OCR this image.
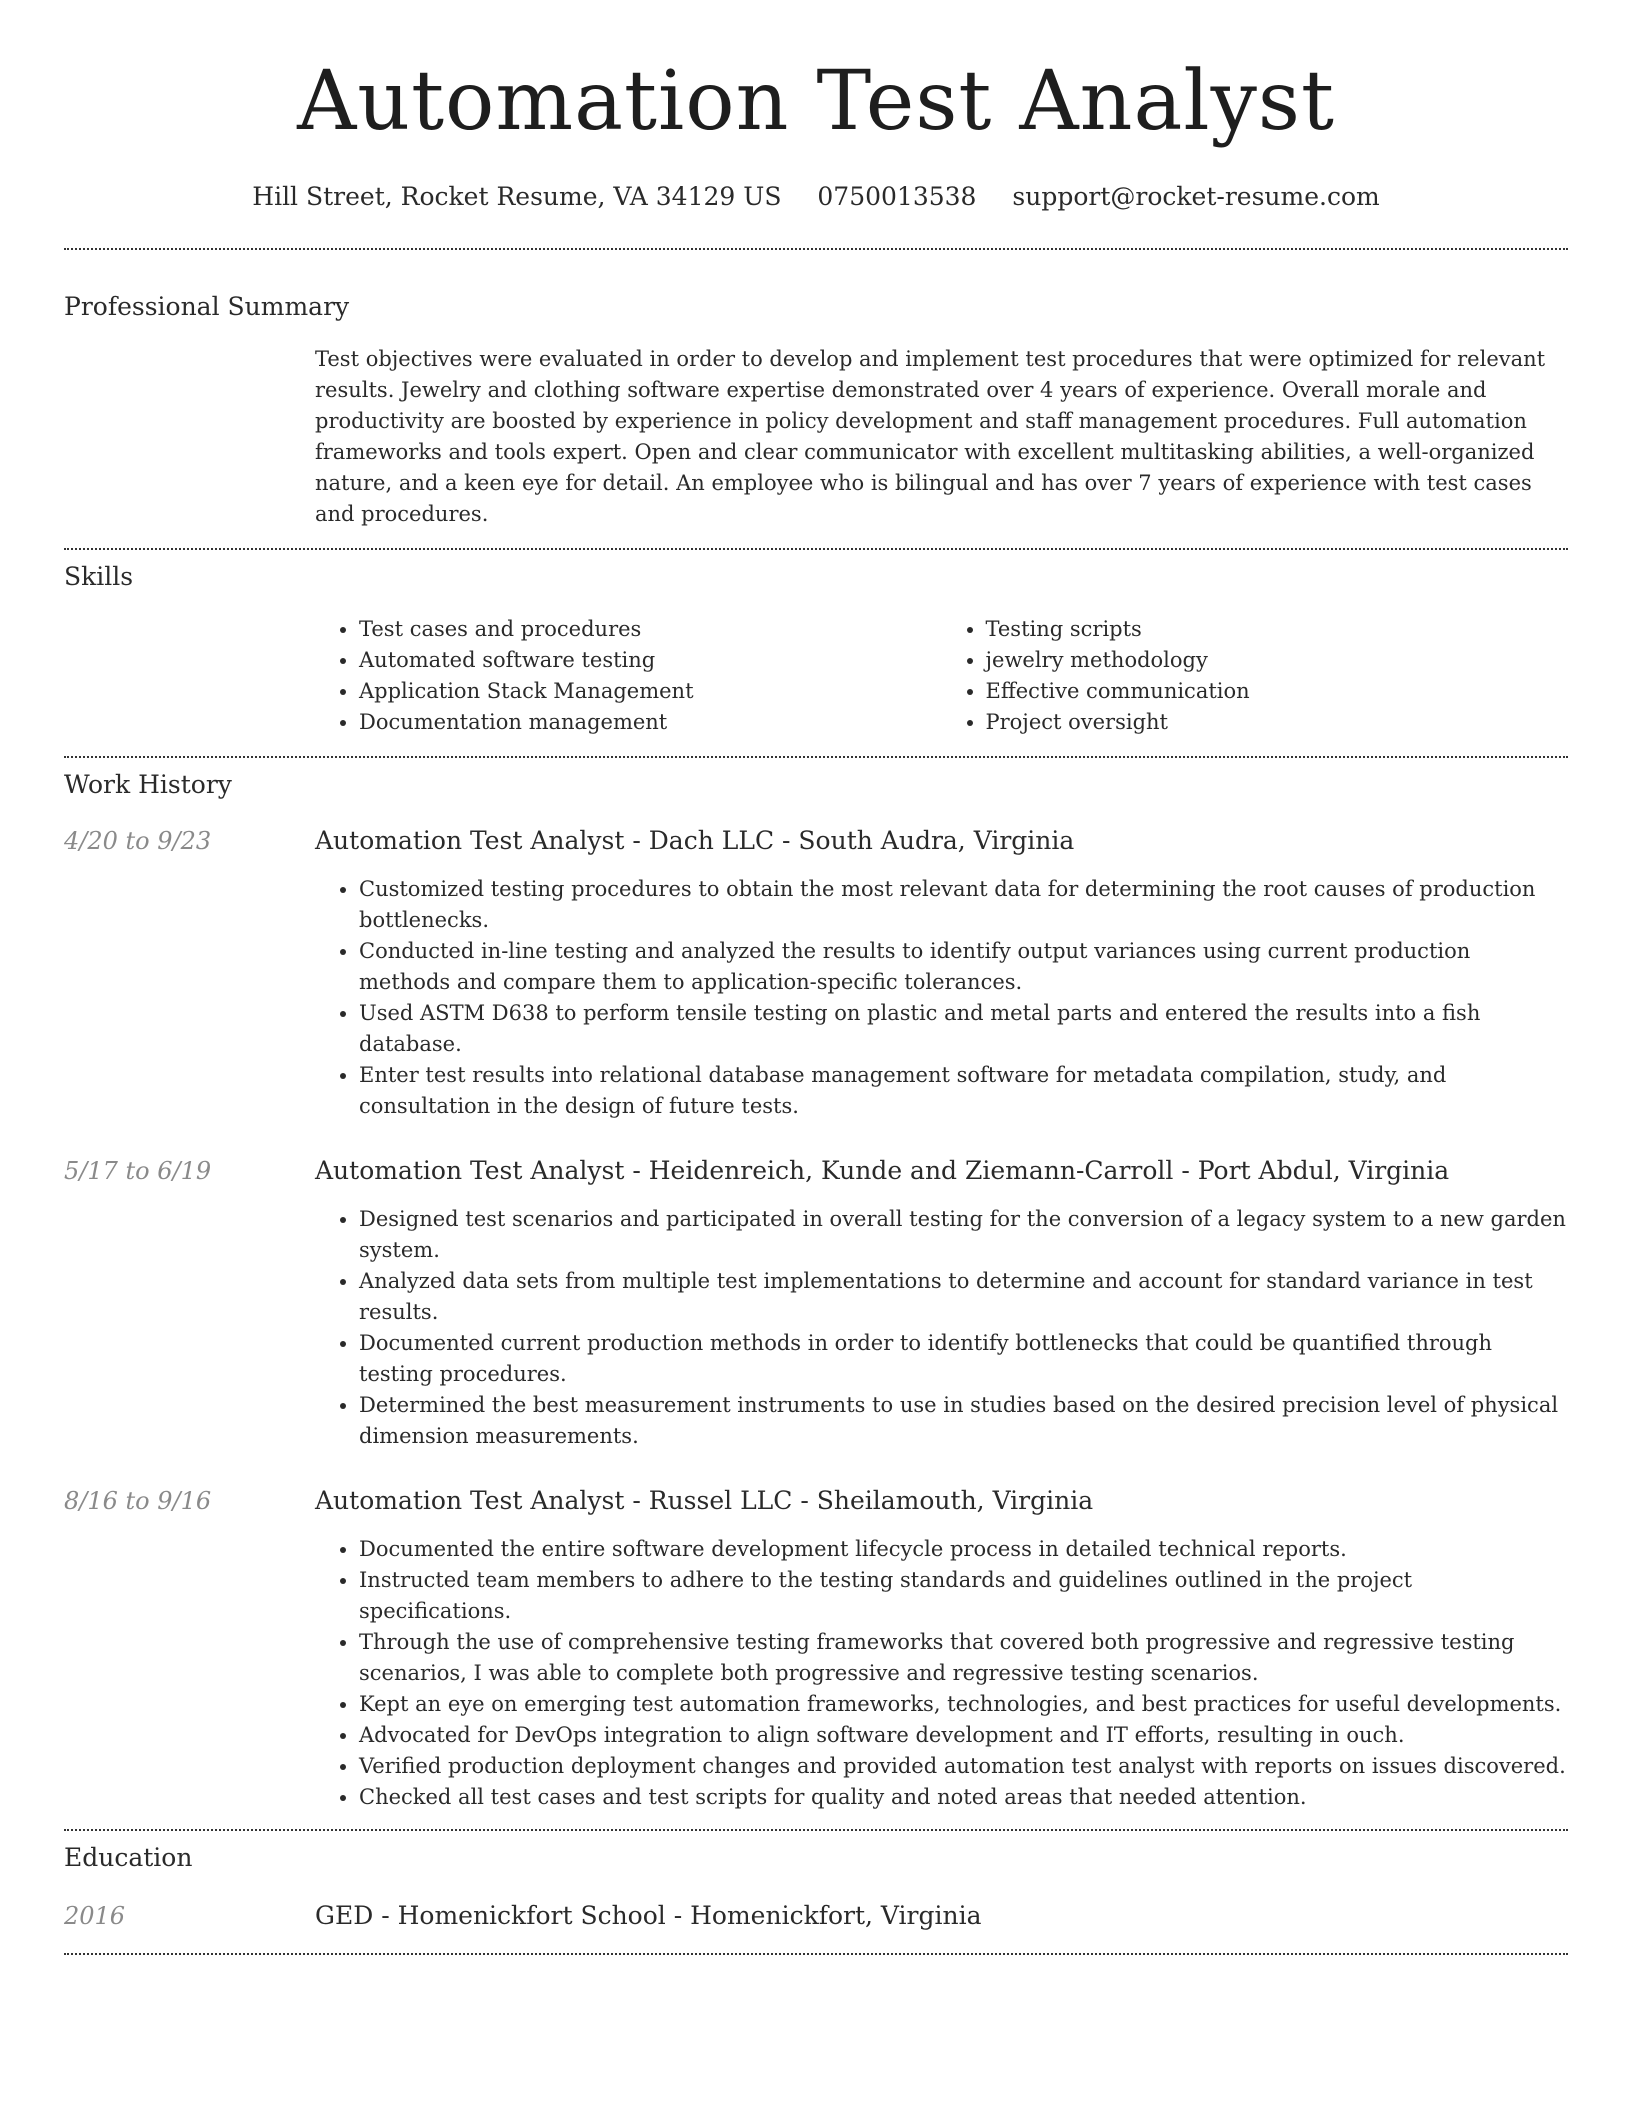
Automation Test Analyst
Hill Street, Rocket Resume, VA 34129 US 0750013538 support@rocket-resume.com
Professional Summary

Test objectives were evaluated in order to develop and implement test procedures that were optimized for relevant results. Jewelry and clothing software expertise demonstrated over 4 years of experience. Overall morale and productivity are boosted by experience in policy development and staff management procedures. Full automation frameworks and tools expert. Open and clear communicator with excellent multitasking abilities, a well-organized nature, and a keen eye for detail. An employee who is bilingual and has over 7 years of experience with test cases and procedures.

Skills
• Test cases and procedures
• Automated software testing
• Application Stack Management
• Documentation management
• Testing scripts
• jewelry methodology
• Effective communication
• Project oversight
Work History
4/20 to 9/23	Automation Test Analyst - Dach LLC - South Audra, Virginia
• Customized testing procedures to obtain the most relevant data for determining the root causes of production bottlenecks.
• Conducted in-line testing and analyzed the results to identify output variances using current production methods and compare them to application-specific tolerances.
• Used ASTM D638 to perform tensile testing on plastic and metal parts and entered the results into a fish database.
• Enter test results into relational database management software for metadata compilation, study, and consultation in the design of future tests.
5/17 to 6/19	Automation Test Analyst - Heidenreich, Kunde and Ziemann-Carroll - Port Abdul, Virginia
• Designed test scenarios and participated in overall testing for the conversion of a legacy system to a new garden system.
• Analyzed data sets from multiple test implementations to determine and account for standard variance in test results.
• Documented current production methods in order to identify bottlenecks that could be quantified through testing procedures.
• Determined the best measurement instruments to use in studies based on the desired precision level of physical dimension measurements.
8/16 to 9/16	Automation Test Analyst - Russel LLC - Sheilamouth, Virginia
• Documented the entire software development lifecycle process in detailed technical reports.
• Instructed team members to adhere to the testing standards and guidelines outlined in the project specifications.
• Through the use of comprehensive testing frameworks that covered both progressive and regressive testing scenarios, I was able to complete both progressive and regressive testing scenarios.
• Kept an eye on emerging test automation frameworks, technologies, and best practices for useful developments.
• Advocated for DevOps integration to align software development and IT efforts, resulting in ouch.
• Verified production deployment changes and provided automation test analyst with reports on issues discovered.
• Checked all test cases and test scripts for quality and noted areas that needed attention.
Education
2016	GED - Homenickfort School - Homenickfort, Virginia
